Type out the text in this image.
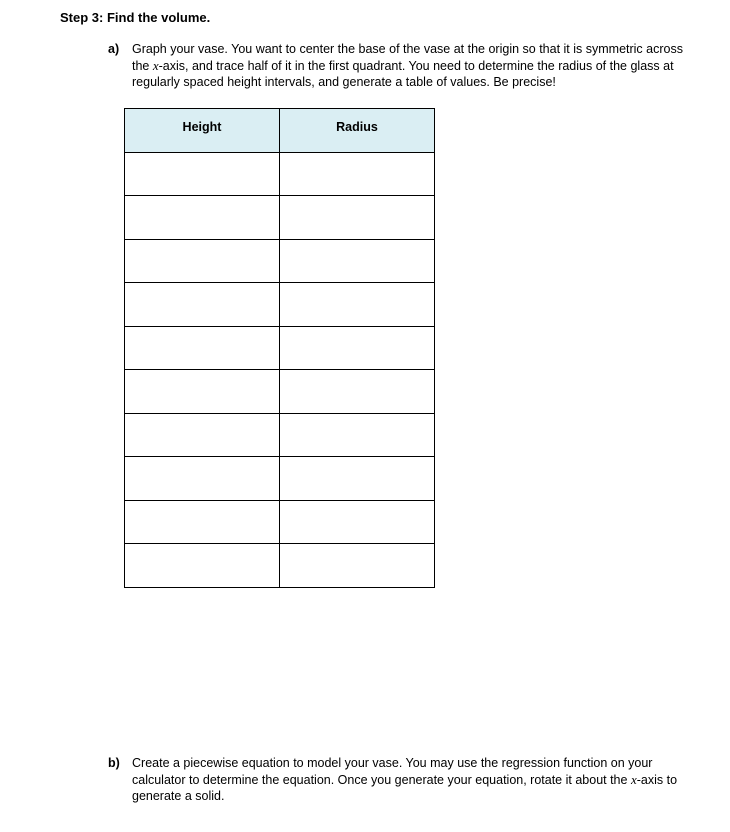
Step 3: Find the volume.
a) Graph your vase. You want to center the base of the vase at the origin so that it is symmetric across the x-axis, and trace half of it in the first quadrant. You need to determine the radius of the glass at regularly spaced height intervals, and generate a table of values. Be precise!
Height	Radius

b) Create a piecewise equation to model your vase. You may use the regression function on your calculator to determine the equation. Once you generate your equation, rotate it about the x-axis to generate a solid.
